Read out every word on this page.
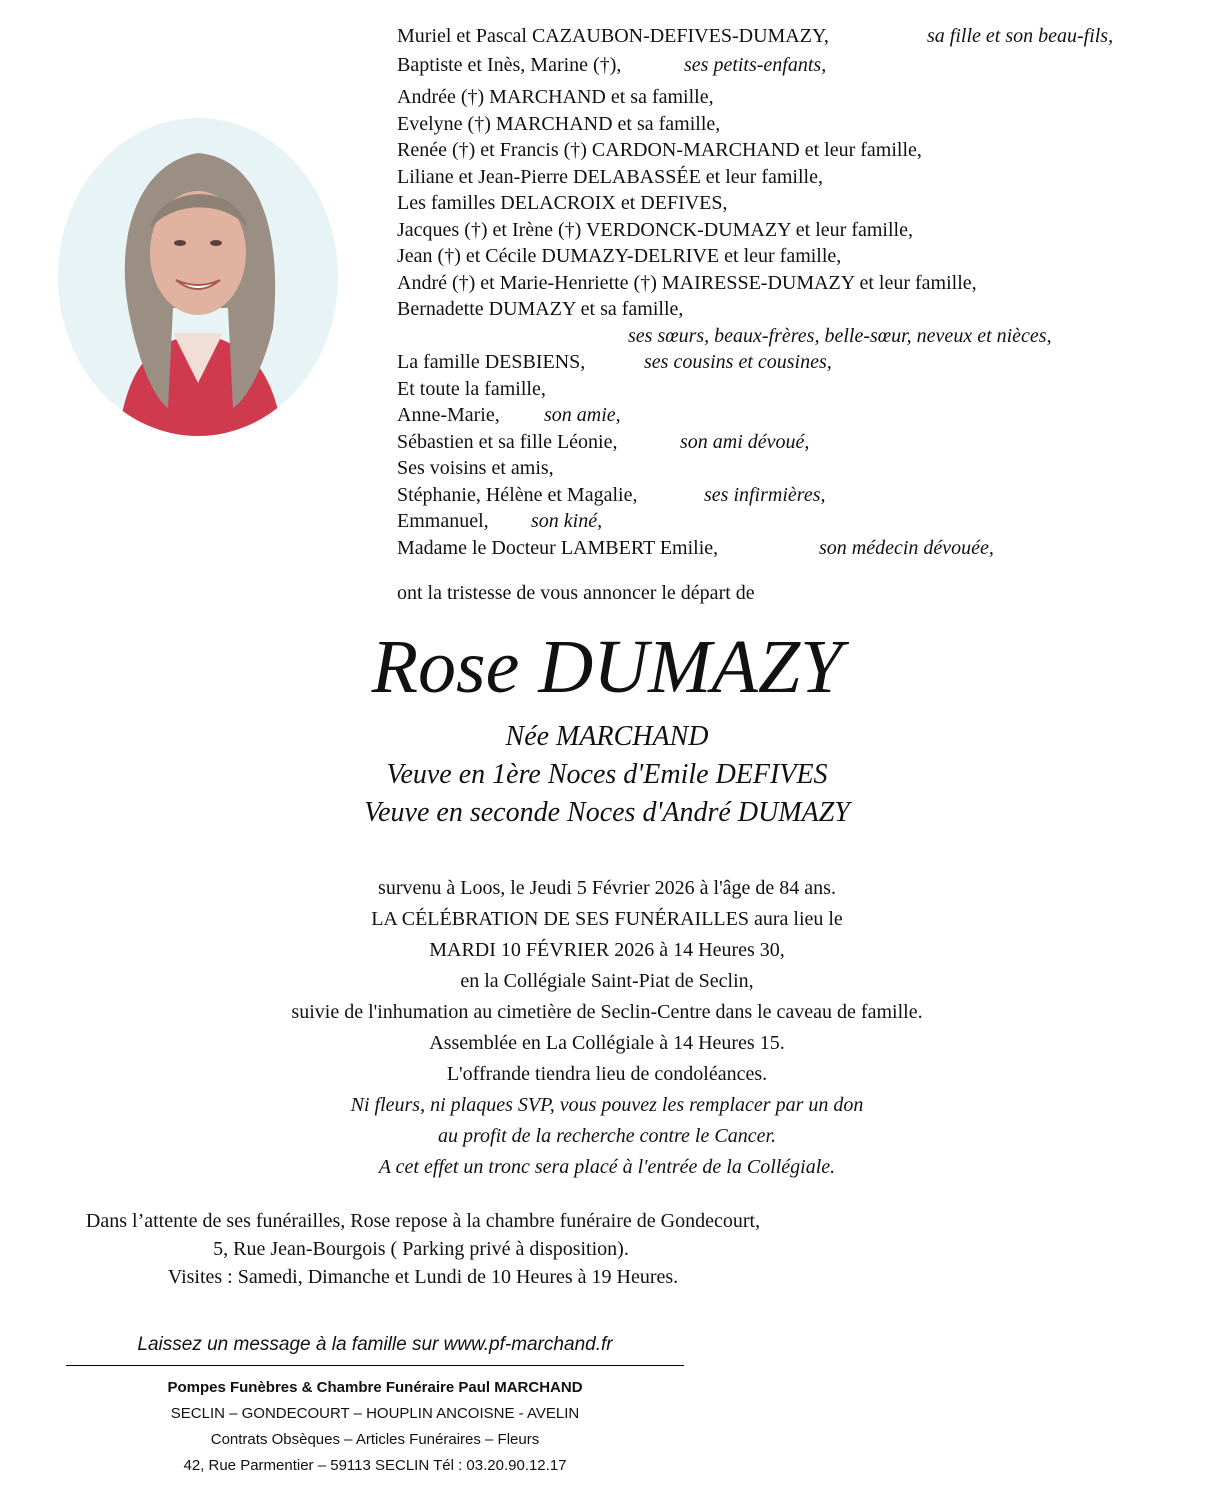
Muriel et Pascal CAZAUBON-DEFIVES-DUMAZY,	sa fille et son beau-fils,
Baptiste et Inès, Marine (†),	ses petits-enfants,
Andrée (†) MARCHAND et sa famille,
Evelyne (†) MARCHAND et sa famille,
Renée (†) et Francis (†) CARDON-MARCHAND et leur famille,
Liliane et Jean-Pierre DELABASSÉE et leur famille,
Les familles DELACROIX et DEFIVES,
Jacques (†) et Irène (†) VERDONCK-DUMAZY et leur famille,
Jean (†) et Cécile DUMAZY-DELRIVE et leur famille,
André (†) et Marie-Henriette (†) MAIRESSE-DUMAZY et leur famille,
Bernadette DUMAZY et sa famille,
ses sœurs, beaux-frères, belle-sœur, neveux et nièces,
La famille DESBIENS,	ses cousins et cousines,
Et toute la famille,
Anne-Marie, son amie,
Sébastien et sa fille Léonie,	son ami dévoué,
Ses voisins et amis,
Stéphanie, Hélène et Magalie,	ses infirmières,
Emmanuel, son kiné,
Madame le Docteur LAMBERT Emilie,	son médecin dévouée,
ont la tristesse de vous annoncer le départ de
Rose DUMAZY
Née MARCHAND
Veuve en 1ère Noces d'Emile DEFIVES
Veuve en seconde Noces d'André DUMAZY
survenu à Loos, le Jeudi 5 Février 2026 à l'âge de 84 ans.
LA CÉLÉBRATION DE SES FUNÉRAILLES aura lieu le
MARDI 10 FÉVRIER 2026 à 14 Heures 30,
en la Collégiale Saint-Piat de Seclin,
suivie de l'inhumation au cimetière de Seclin-Centre dans le caveau de famille.
Assemblée en La Collégiale à 14 Heures 15.
L'offrande tiendra lieu de condoléances.
Ni fleurs, ni plaques SVP, vous pouvez les remplacer par un don
au profit de la recherche contre le Cancer.
A cet effet un tronc sera placé à l'entrée de la Collégiale.
Dans l’attente de ses funérailles, Rose repose à la chambre funéraire de Gondecourt,
5, Rue Jean-Bourgois ( Parking privé à disposition).
Visites : Samedi, Dimanche et Lundi de 10 Heures à 19 Heures.
Laissez un message à la famille sur www.pf-marchand.fr
Pompes Funèbres & Chambre Funéraire Paul MARCHAND
SECLIN – GONDECOURT – HOUPLIN ANCOISNE - AVELIN
Contrats Obsèques – Articles Funéraires – Fleurs
42, Rue Parmentier – 59113 SECLIN Tél : 03.20.90.12.17
